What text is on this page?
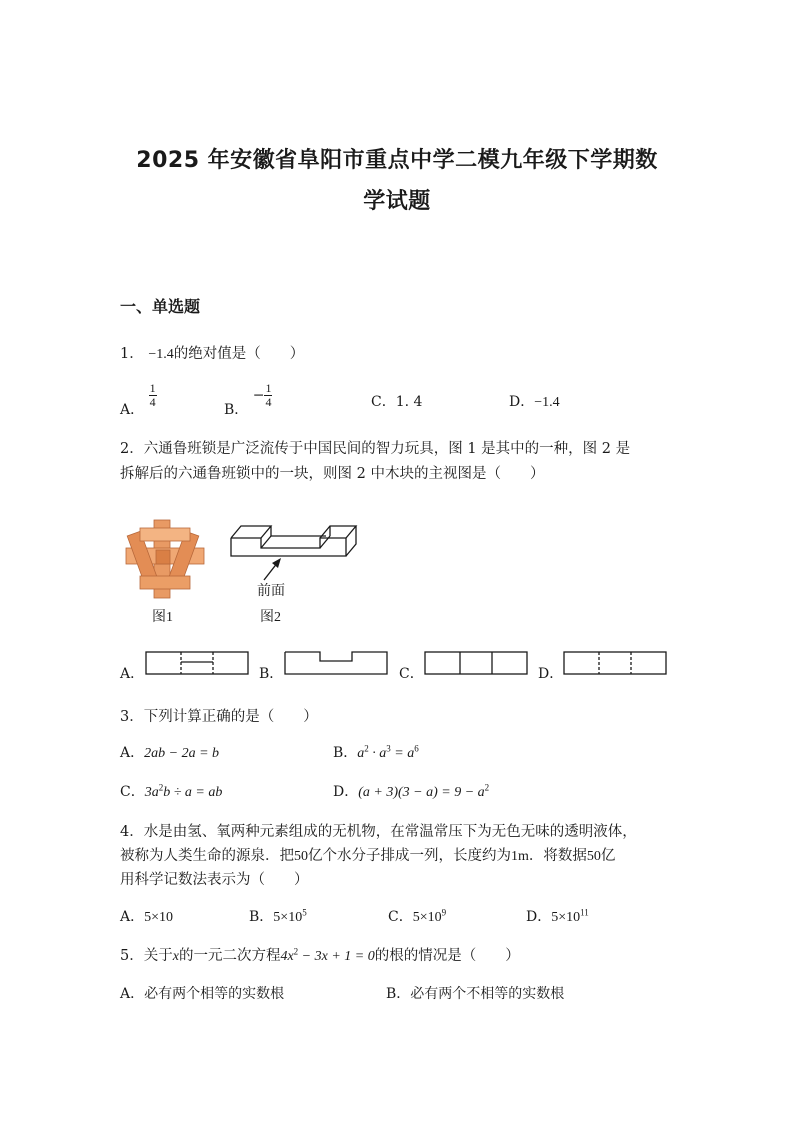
2025 年安徽省阜阳市重点中学二模九年级下学期数
学试题
一、单选题
1． −1.4的绝对值是（　　）
A．
$\frac{1}{4}$
B． − $\frac{1}{4}$	C．1. 4	D．−1.4
2．六通鲁班锁是广泛流传于中国民间的智力玩具，图 1 是其中的一种，图 2 是
拆解后的六通鲁班锁中的一块，则图 2 中木块的主视图是（　　）
前面
图1	图2
A．	B．	C．	D．
3．下列计算正确的是（　　）
A．2ab − 2a = b	B．$a^2 \cdot a^3 = a^6$
C．$3a^2b \div a$ = ab	D．$(a + 3)(3 - a) = 9 - a^2$
4．水是由氢、氧两种元素组成的无机物，在常温常压下为无色无味的透明液体，
被称为人类生命的源泉．把50亿个水分子排成一列，长度约为1m．将数据50亿
用科学记数法表示为（　　）
A．5×10	B．$5\times 10^5$	C．$5\times 10^9$	D．$5\times 10^{11}$
5．关于x的一元二次方程$4x^2 - 3x + 1 = 0$的根的情况是（　　）
A．必有两个相等的实数根	B．必有两个不相等的实数根
